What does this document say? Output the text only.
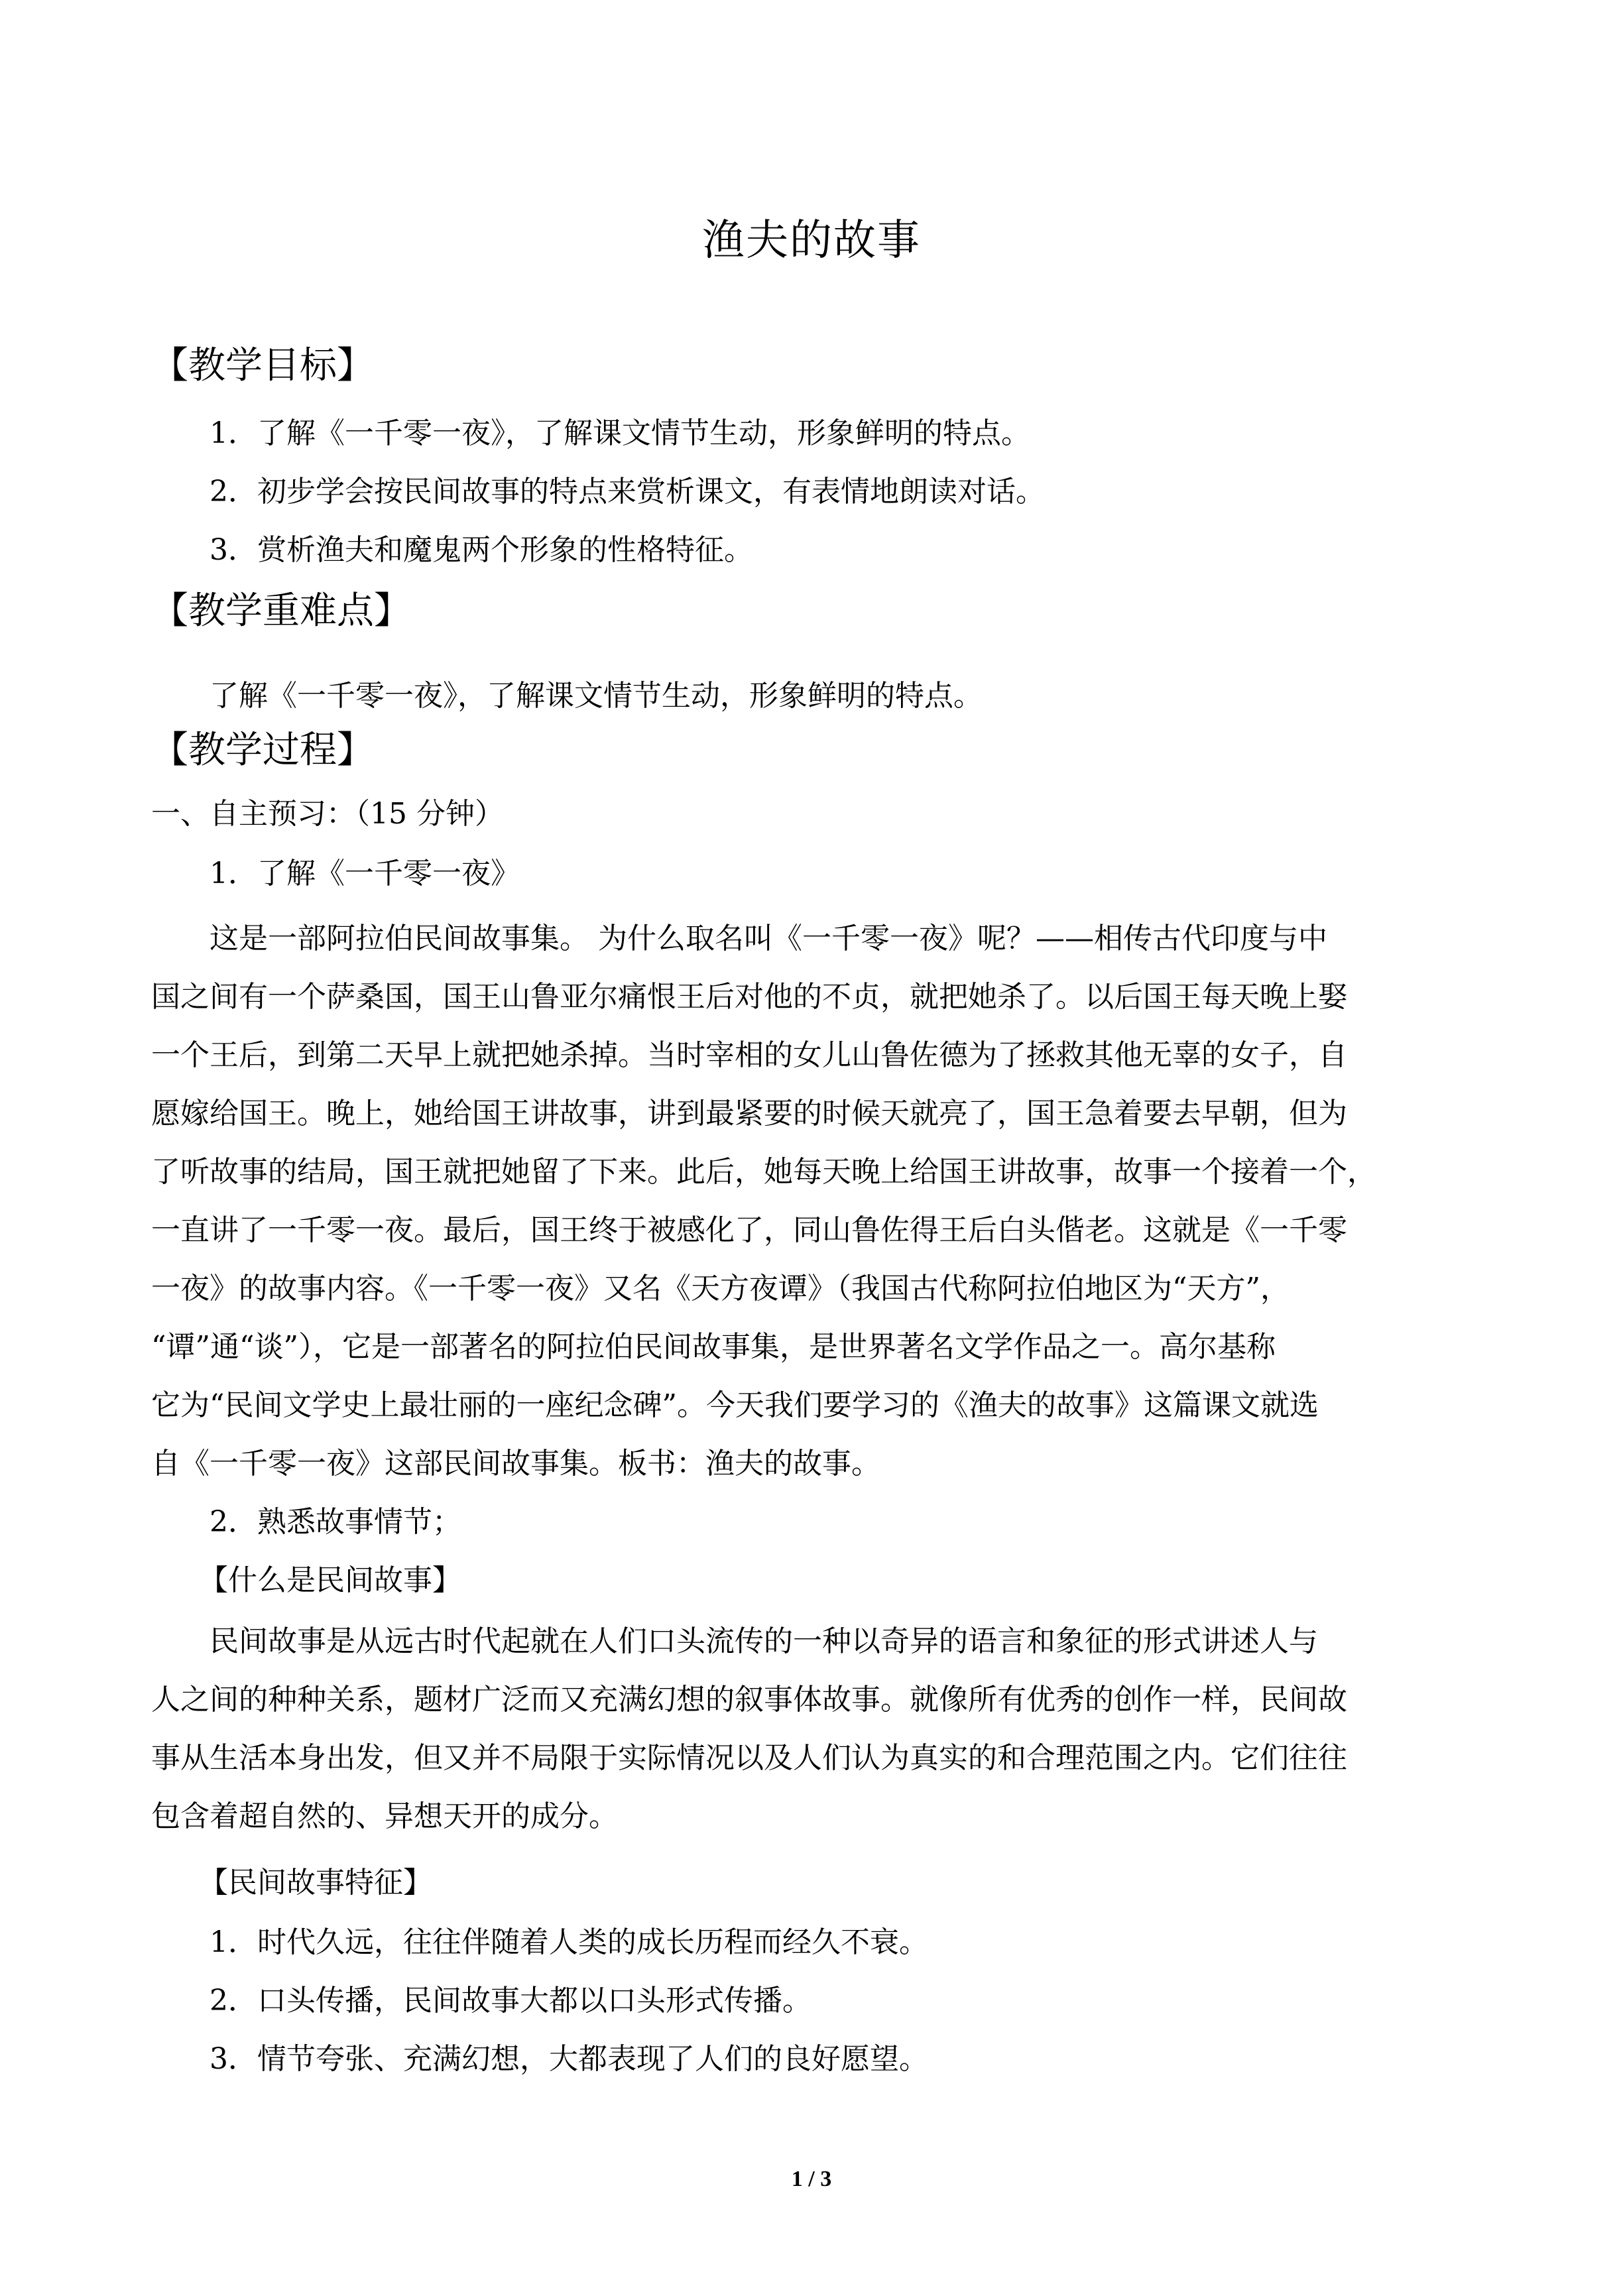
渔夫的故事
【教学目标】
1．了解《一千零一夜》，了解课文情节生动，形象鲜明的特点。
2．初步学会按民间故事的特点来赏析课文，有表情地朗读对话。
3．赏析渔夫和魔鬼两个形象的性格特征。
【教学重难点】
了解《一千零一夜》，了解课文情节生动，形象鲜明的特点。
【教学过程】
一、自主预习：（15 分钟）
1．了解《一千零一夜》
这是一部阿拉伯民间故事集。 为什么取名叫《一千零一夜》呢？——相传古代印度与中
国之间有一个萨桑国，国王山鲁亚尔痛恨王后对他的不贞，就把她杀了。以后国王每天晚上娶
一个王后，到第二天早上就把她杀掉。当时宰相的女儿山鲁佐德为了拯救其他无辜的女子，自
愿嫁给国王。晚上，她给国王讲故事，讲到最紧要的时候天就亮了，国王急着要去早朝，但为
了听故事的结局，国王就把她留了下来。此后，她每天晚上给国王讲故事，故事一个接着一个，
一直讲了一千零一夜。最后，国王终于被感化了，同山鲁佐得王后白头偕老。这就是《一千零
一夜》的故事内容。《一千零一夜》又名《天方夜谭》（我国古代称阿拉伯地区为“天方”，
“谭”通“谈”），它是一部著名的阿拉伯民间故事集，是世界著名文学作品之一。高尔基称
它为“民间文学史上最壮丽的一座纪念碑”。今天我们要学习的《渔夫的故事》这篇课文就选
自《一千零一夜》这部民间故事集。板书：渔夫的故事。
2．熟悉故事情节；
【什么是民间故事】
民间故事是从远古时代起就在人们口头流传的一种以奇异的语言和象征的形式讲述人与
人之间的种种关系，题材广泛而又充满幻想的叙事体故事。就像所有优秀的创作一样，民间故
事从生活本身出发，但又并不局限于实际情况以及人们认为真实的和合理范围之内。它们往往
包含着超自然的、异想天开的成分。
【民间故事特征】
1．时代久远，往往伴随着人类的成长历程而经久不衰。
2．口头传播，民间故事大都以口头形式传播。
3．情节夸张、充满幻想，大都表现了人们的良好愿望。
1 / 3
